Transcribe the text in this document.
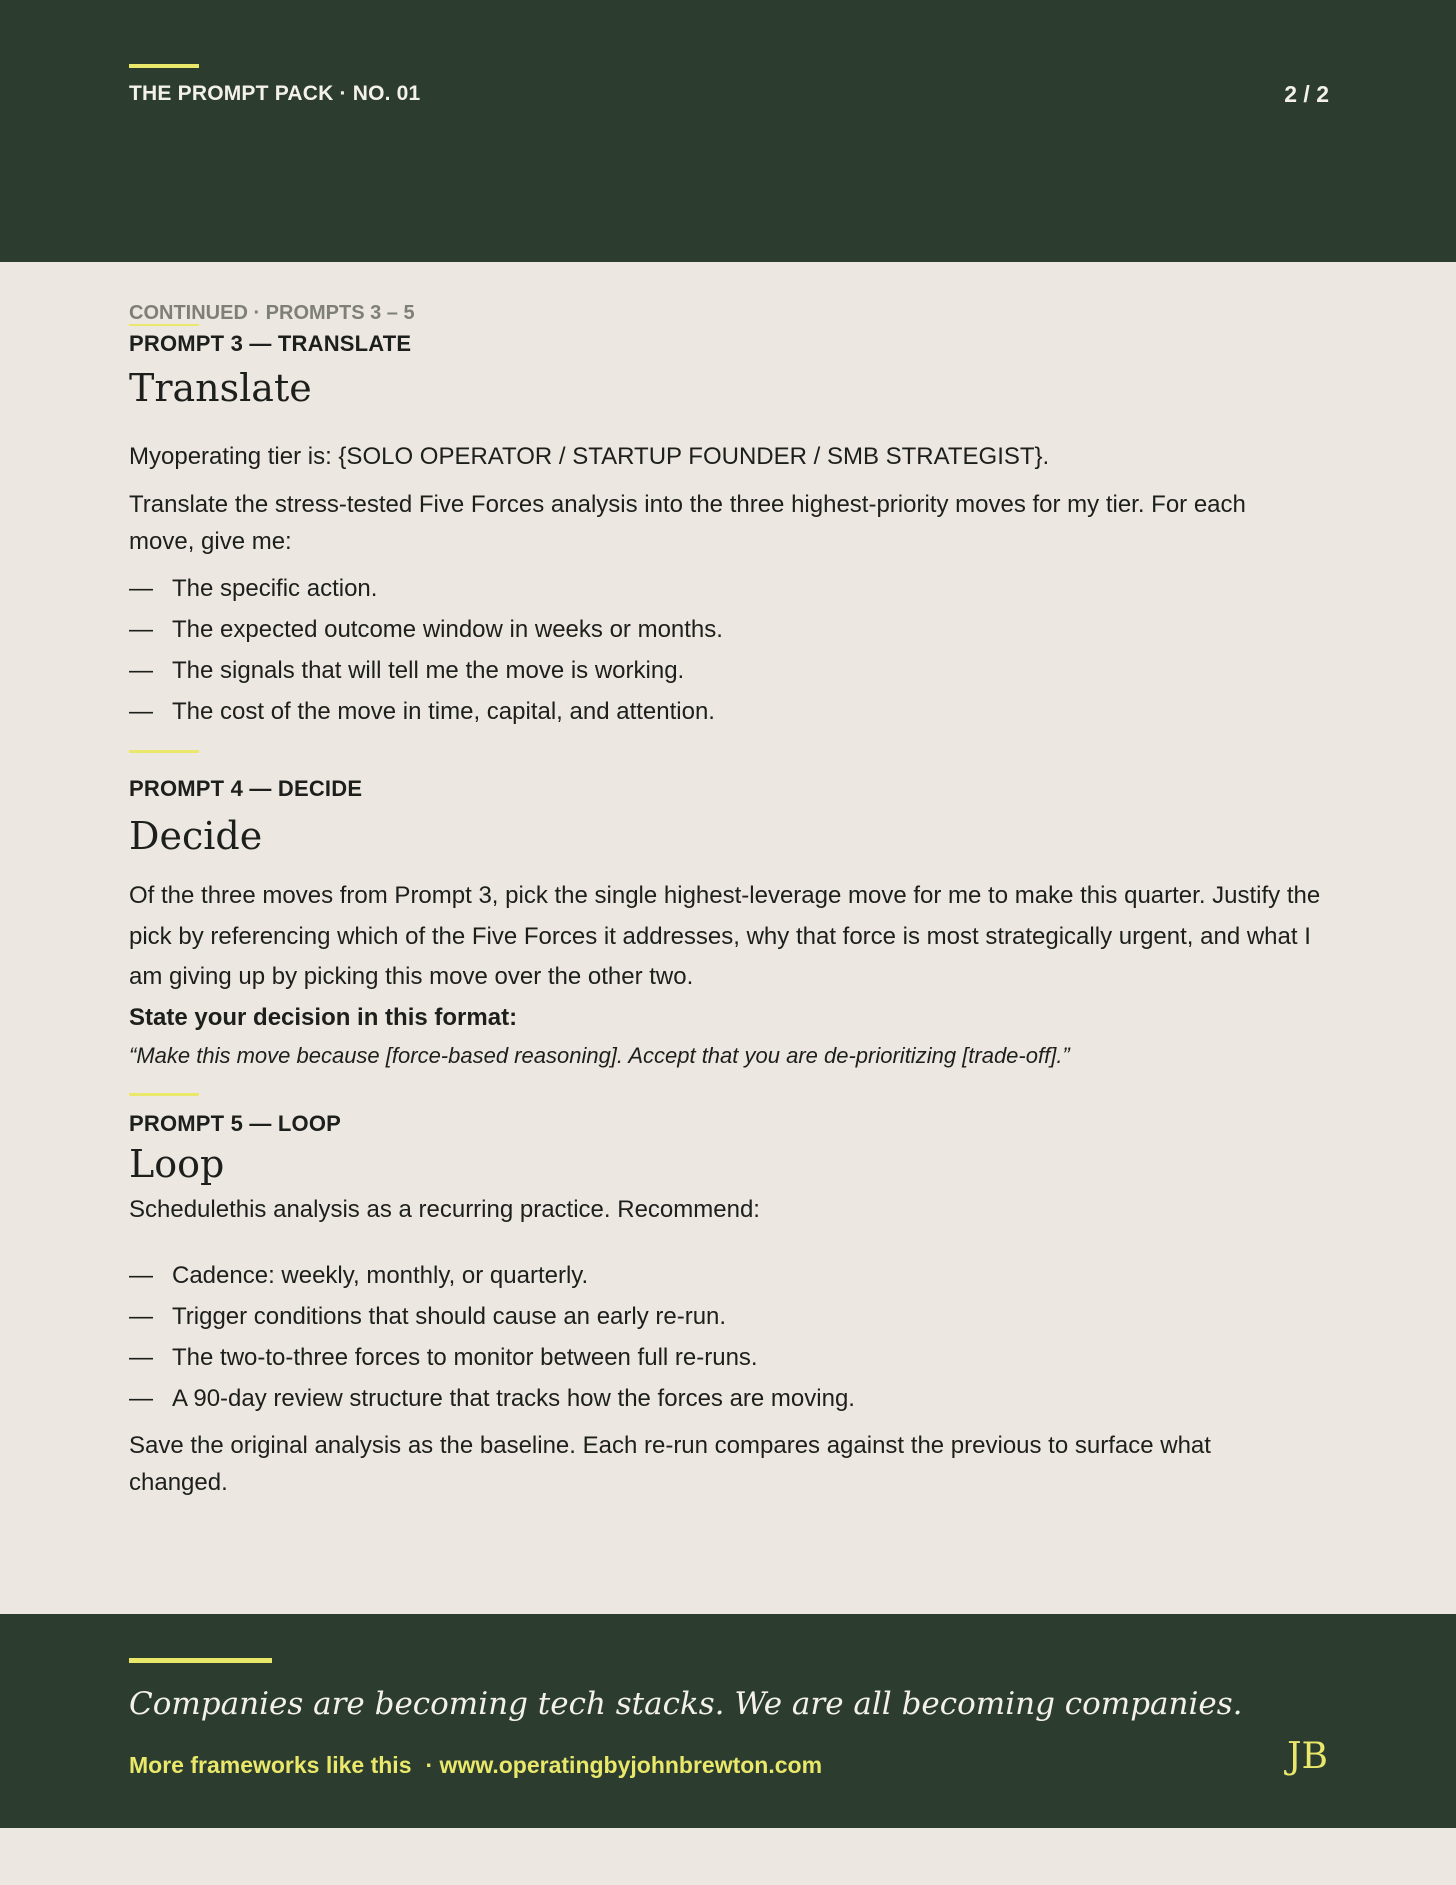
THE PROMPT PACK · NO. 01	2 / 2
CONTINUED · PROMPTS 3 – 5
PROMPT 3 — TRANSLATE
Translate
Myoperating tier is: {SOLO OPERATOR / STARTUP FOUNDER / SMB STRATEGIST}.
Translate the stress-tested Five Forces analysis into the three highest-priority moves for my tier. For each move, give me:
— The specific action.
— The expected outcome window in weeks or months.
— The signals that will tell me the move is working.
— The cost of the move in time, capital, and attention.
PROMPT 4 — DECIDE
Decide
Of the three moves from Prompt 3, pick the single highest-leverage move for me to make this quarter. Justify the pick by referencing which of the Five Forces it addresses, why that force is most strategically urgent, and what I am giving up by picking this move over the other two.
State your decision in this format:
“Make this move because [force-based reasoning]. Accept that you are de-prioritizing [trade-off].”
PROMPT 5 — LOOP
Loop
Schedulethis analysis as a recurring practice. Recommend:
— Cadence: weekly, monthly, or quarterly.
— Trigger conditions that should cause an early re-run.
— The two-to-three forces to monitor between full re-runs.
— A 90-day review structure that tracks how the forces are moving.
Save the original analysis as the baseline. Each re-run compares against the previous to surface what changed.
Companies are becoming tech stacks. We are all becoming companies.
More frameworks like this · www.operatingbyjohnbrewton.com	JB
